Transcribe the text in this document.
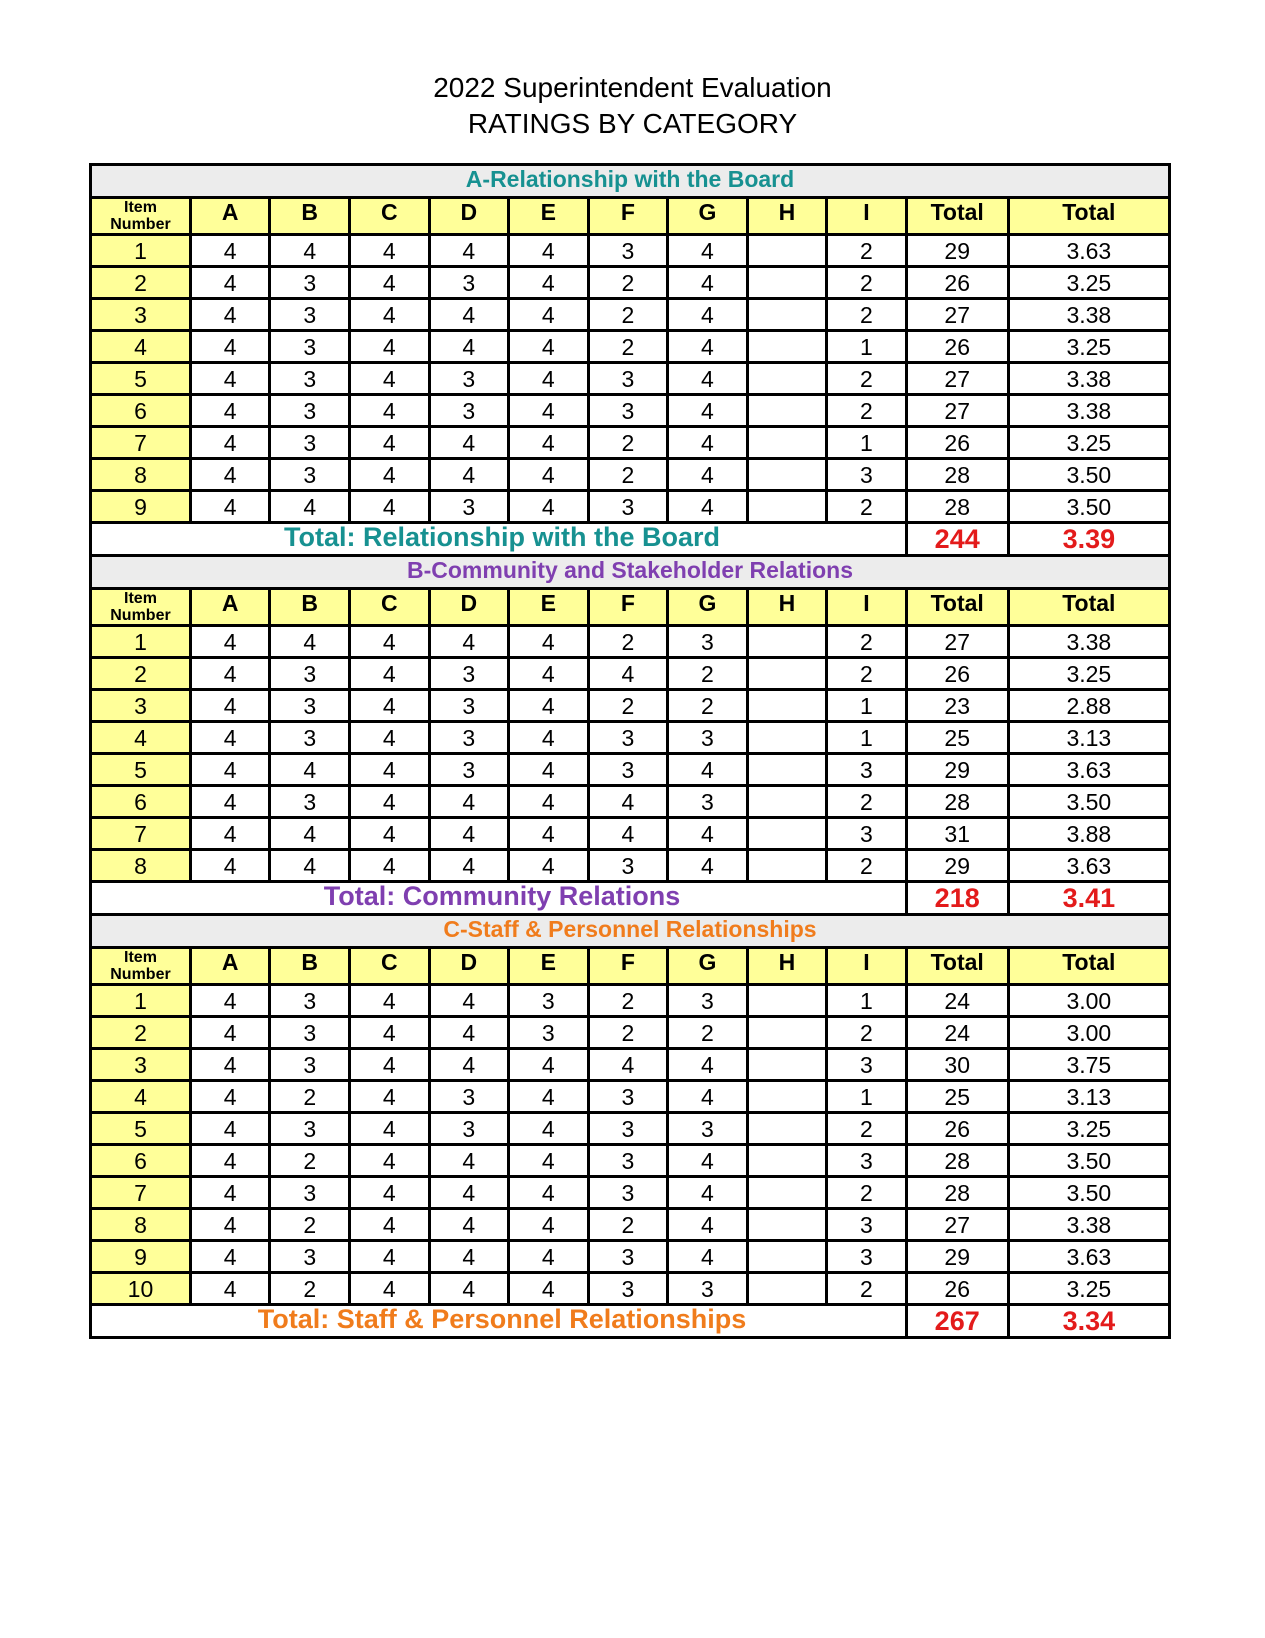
2022 Superintendent Evaluation
RATINGS BY CATEGORY
A-Relationship with the Board											
Item Number	A	B	C	D	E	F	G	H	I	Total	Total
1	4	4	4	4	4	3	4		2	29	3.63
2	4	3	4	3	4	2	4		2	26	3.25
3	4	3	4	4	4	2	4		2	27	3.38
4	4	3	4	4	4	2	4		1	26	3.25
5	4	3	4	3	4	3	4		2	27	3.38
6	4	3	4	3	4	3	4		2	27	3.38
7	4	3	4	4	4	2	4		1	26	3.25
8	4	3	4	4	4	2	4		3	28	3.50
9	4	4	4	3	4	3	4		2	28	3.50

Total: Relationship with the Board										244	3.39
B-Community and Stakeholder Relations											
Item Number	A	B	C	D	E	F	G	H	I	Total	Total
1	4	4	4	4	4	2	3		2	27	3.38
2	4	3	4	3	4	4	2		2	26	3.25
3	4	3	4	3	4	2	2		1	23	2.88
4	4	3	4	3	4	3	3		1	25	3.13
5	4	4	4	3	4	3	4		3	29	3.63
6	4	3	4	4	4	4	3		2	28	3.50
7	4	4	4	4	4	4	4		3	31	3.88
8	4	4	4	4	4	3	4		2	29	3.63

Total: Community Relations										218	3.41
C-Staff & Personnel Relationships											
Item Number	A	B	C	D	E	F	G	H	I	Total	Total
1	4	3	4	4	3	2	3		1	24	3.00
2	4	3	4	4	3	2	2		2	24	3.00
3	4	3	4	4	4	4	4		3	30	3.75
4	4	2	4	3	4	3	4		1	25	3.13
5	4	3	4	3	4	3	3		2	26	3.25
6	4	2	4	4	4	3	4		3	28	3.50
7	4	3	4	4	4	3	4		2	28	3.50
8	4	2	4	4	4	2	4		3	27	3.38
9	4	3	4	4	4	3	4		3	29	3.63
10	4	2	4	4	4	3	3		2	26	3.25

Total: Staff & Personnel Relationships										267	3.34
